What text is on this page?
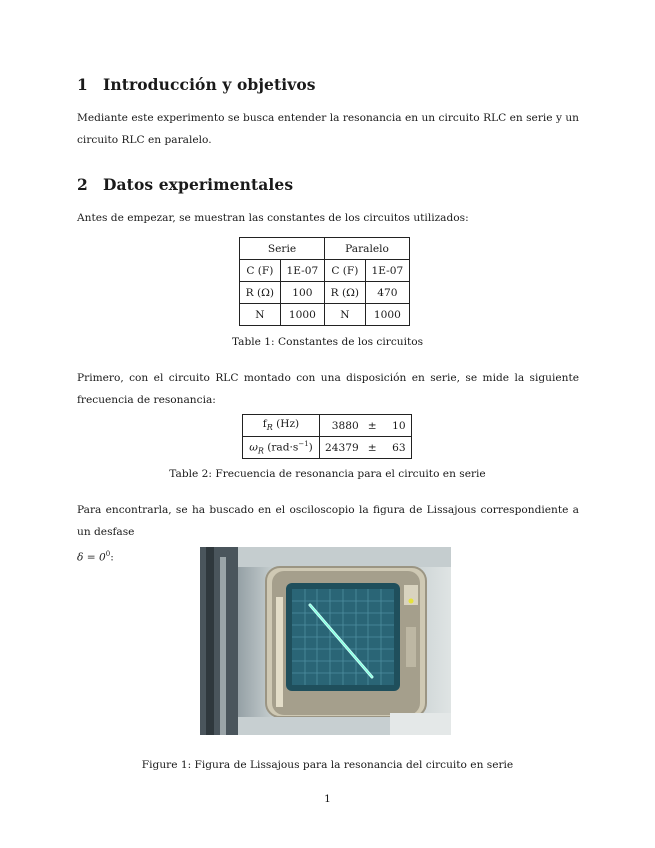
1 Introducción y objetivos

Mediante este experimento se busca entender la resonancia en un circuito RLC en serie y un circuito RLC en paralelo.

2 Datos experimentales

Antes de empezar, se muestran las constantes de los circuitos utilizados:

Serie		Paralelo	
C (F)	1E-07	C (F)	1E-07
R (Ω)	100	R (Ω)	470
N	1000	N	1000
Table 1: Constantes de los circuitos

Primero, con el circuito RLC montado con una disposición en serie, se mide la siguiente frecuencia de resonancia:

$f_R$ (Hz)	3880	±	10
$\omega_R$ $(rad\cdot s^{-1})$	24379	±	63
Table 2: Frecuencia de resonancia para el circuito en serie

Para encontrarla, se ha buscado en el osciloscopio la figura de Lissajous correspondiente a un desfase
$\delta = 0^0$:

Figure 1: Figura de Lissajous para la resonancia del circuito en serie
1
